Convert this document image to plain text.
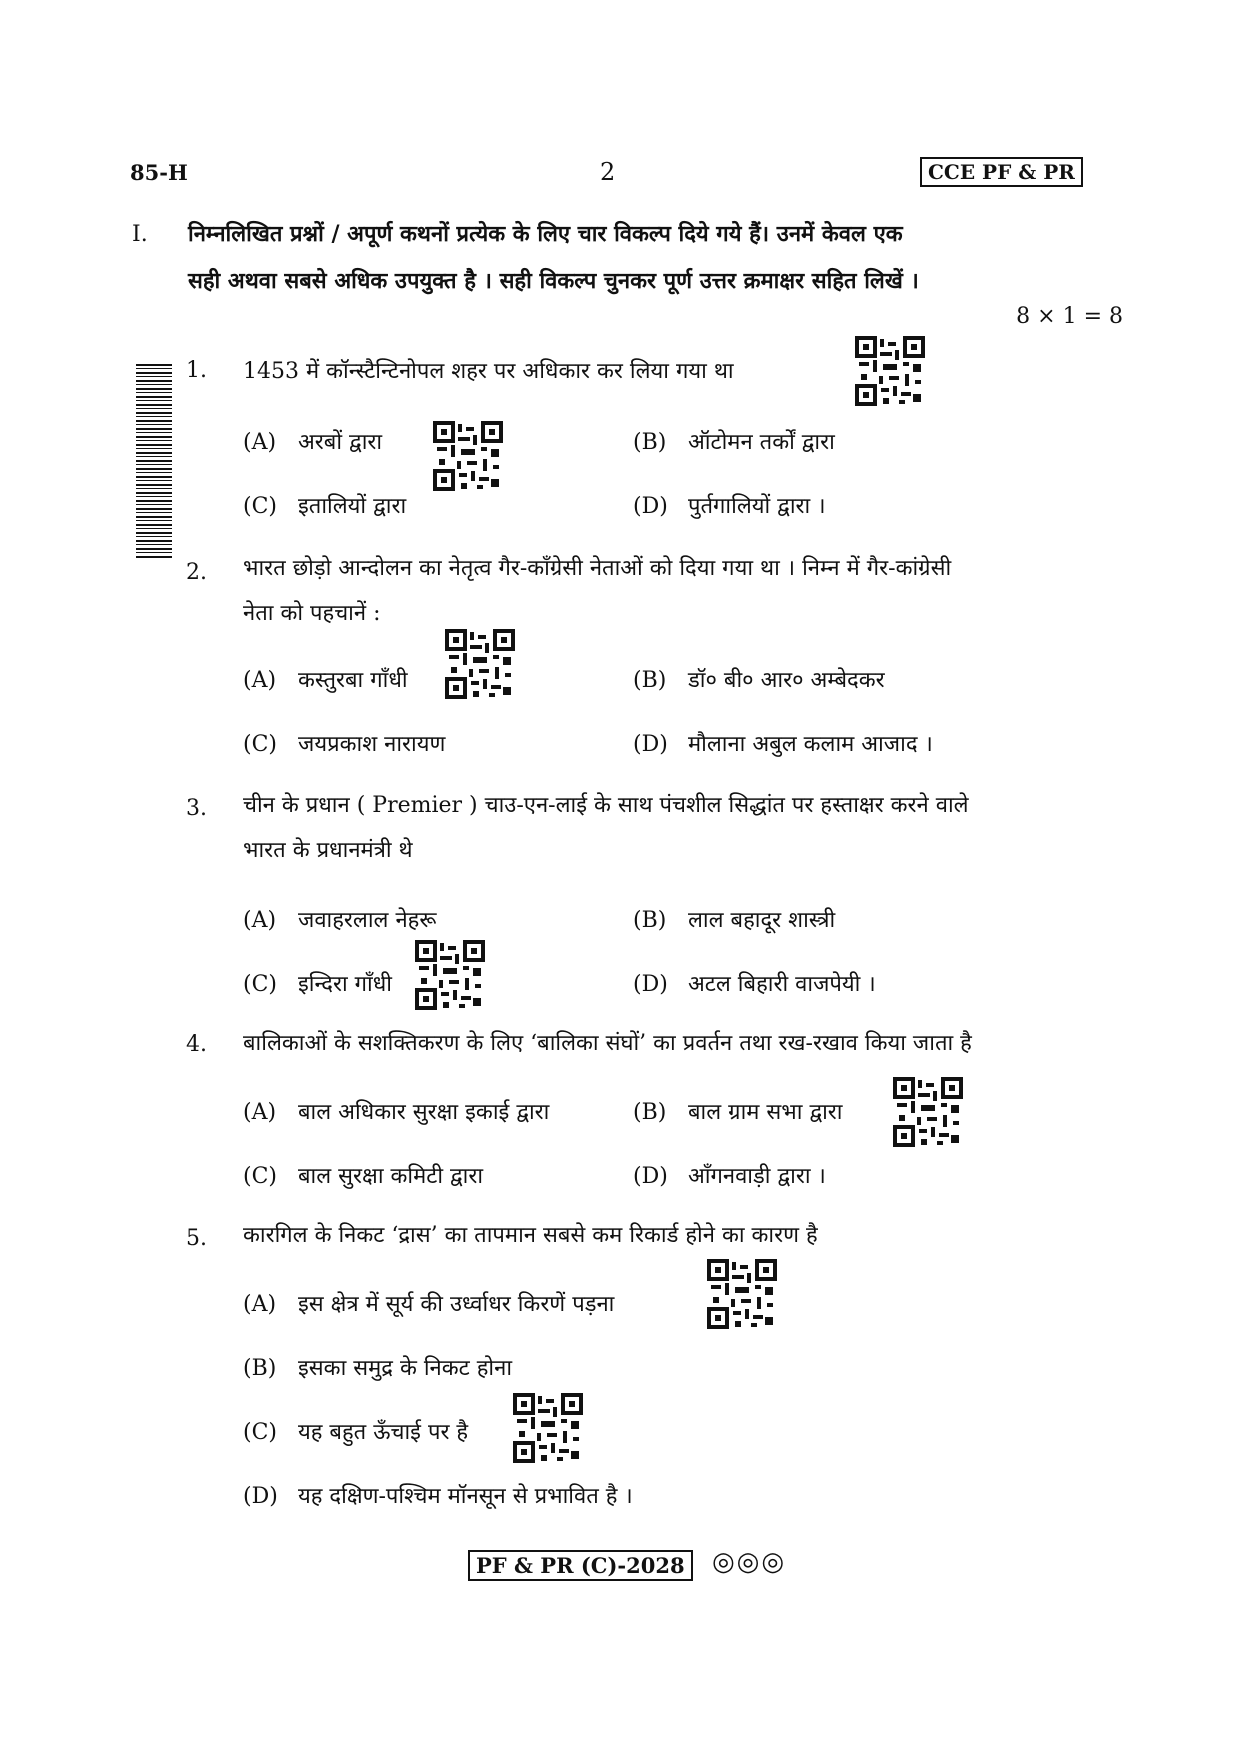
85-H	2	CCE PF & PR
I. निम्नलिखित प्रश्नों / अपूर्ण कथनों प्रत्येक के लिए चार विकल्प दिये गये हैं। उनमें केवल एक
सही अथवा सबसे अधिक उपयुक्त है । सही विकल्प चुनकर पूर्ण उत्तर क्रमाक्षर सहित लिखें ।
8 × 1 = 8
1. 1453 में कॉन्स्टैन्टिनोपल शहर पर अधिकार कर लिया गया था
(A) अरबों द्वारा	(B) ऑटोमन तर्कों द्वारा
(C) इतालियों द्वारा	(D) पुर्तगालियों द्वारा ।
2. भारत छोड़ो आन्दोलन का नेतृत्व गैर-काँग्रेसी नेताओं को दिया गया था । निम्न में गैर-कांग्रेसी
नेता को पहचानें :
(A) कस्तुरबा गाँधी	(B) डॉ० बी० आर० अम्बेदकर
(C) जयप्रकाश नारायण	(D) मौलाना अबुल कलाम आजाद ।
3. चीन के प्रधान ( Premier ) चाउ-एन-लाई के साथ पंचशील सिद्धांत पर हस्ताक्षर करने वाले
भारत के प्रधानमंत्री थे
(A) जवाहरलाल नेहरू	(B) लाल बहादूर शास्त्री
(C) इन्दिरा गाँधी	(D) अटल बिहारी वाजपेयी ।
4. बालिकाओं के सशक्तिकरण के लिए ‘बालिका संघों’ का प्रवर्तन तथा रख-रखाव किया जाता है
(A) बाल अधिकार सुरक्षा इकाई द्वारा	(B) बाल ग्राम सभा द्वारा
(C) बाल सुरक्षा कमिटी द्वारा	(D) आँगनवाड़ी द्वारा ।
5. कारगिल के निकट ‘द्रास’ का तापमान सबसे कम रिकार्ड होने का कारण है
(A) इस क्षेत्र में सूर्य की उर्ध्वाधर किरणें पड़ना
(B) इसका समुद्र के निकट होना
(C) यह बहुत ऊँचाई पर है
(D) यह दक्षिण-पश्चिम मॉनसून से प्रभावित है ।
PF & PR (C)-2028	◎◎◎
